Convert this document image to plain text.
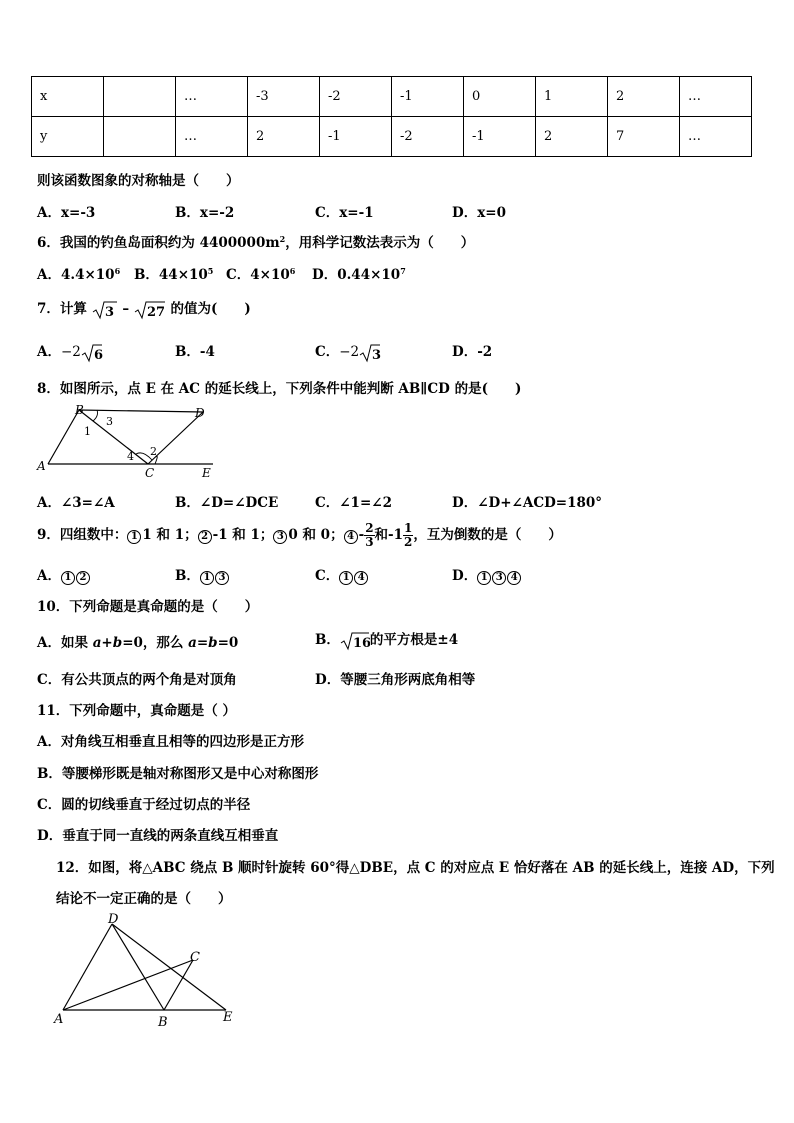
x		…	-3	-2	-1	0	1	2	…
y		…	2	-1	-2	-1	2	7	…
则该函数图象的对称轴是（　　）
A．x=-3	B．x=-2	C．x=-1	D．x=0
6．我国的钓鱼岛面积约为 $4400000m^2$，用科学记数法表示为（　　）
A．$4.4\times 10^6$ B．$44\times 10^5$ C．$4\times 10^6$ D．$0.44\times 10^7$
7．计算 3 – 27 的值为(　　)
A．−2 6	B．-4	C．−2 3	D．-2
8．如图所示，点 E 在 AC 的延长线上，下列条件中能判断 AB∥CD 的是(　　)
B	D
A	C	E
1
3
2
4
A．∠3=∠A	B．∠D=∠DCE	C．∠1=∠2	D．∠D+∠ACD=180°
9．四组数中： 1 1 和 1； 2 -1 和 1； 3 0 和 0； $4 - \frac{2}{3}$ 和$-1 \frac{1}{2}$ ，互为倒数的是（　　）
A． 1 2	B． 1 3	C． 1 4	D． 1 3 4
10．下列命题是真命题的是（　　）
A．如果 a+b=0，那么 a=b=0	B． 16
的平方根是±4
C．有公共顶点的两个角是对顶角	D．等腰三角形两底角相等
11．下列命题中，真命题是（ ）
A．对角线互相垂直且相等的四边形是正方形
B．等腰梯形既是轴对称图形又是中心对称图形
C．圆的切线垂直于经过切点的半径
D．垂直于同一直线的两条直线互相垂直
12．如图，将△ABC 绕点 B 顺时针旋转 60°得△DBE，点 C 的对应点 E 恰好落在 AB 的延长线上，连接 AD，下列
结论不一定正确的是（　　）
D
C
A	B	E
